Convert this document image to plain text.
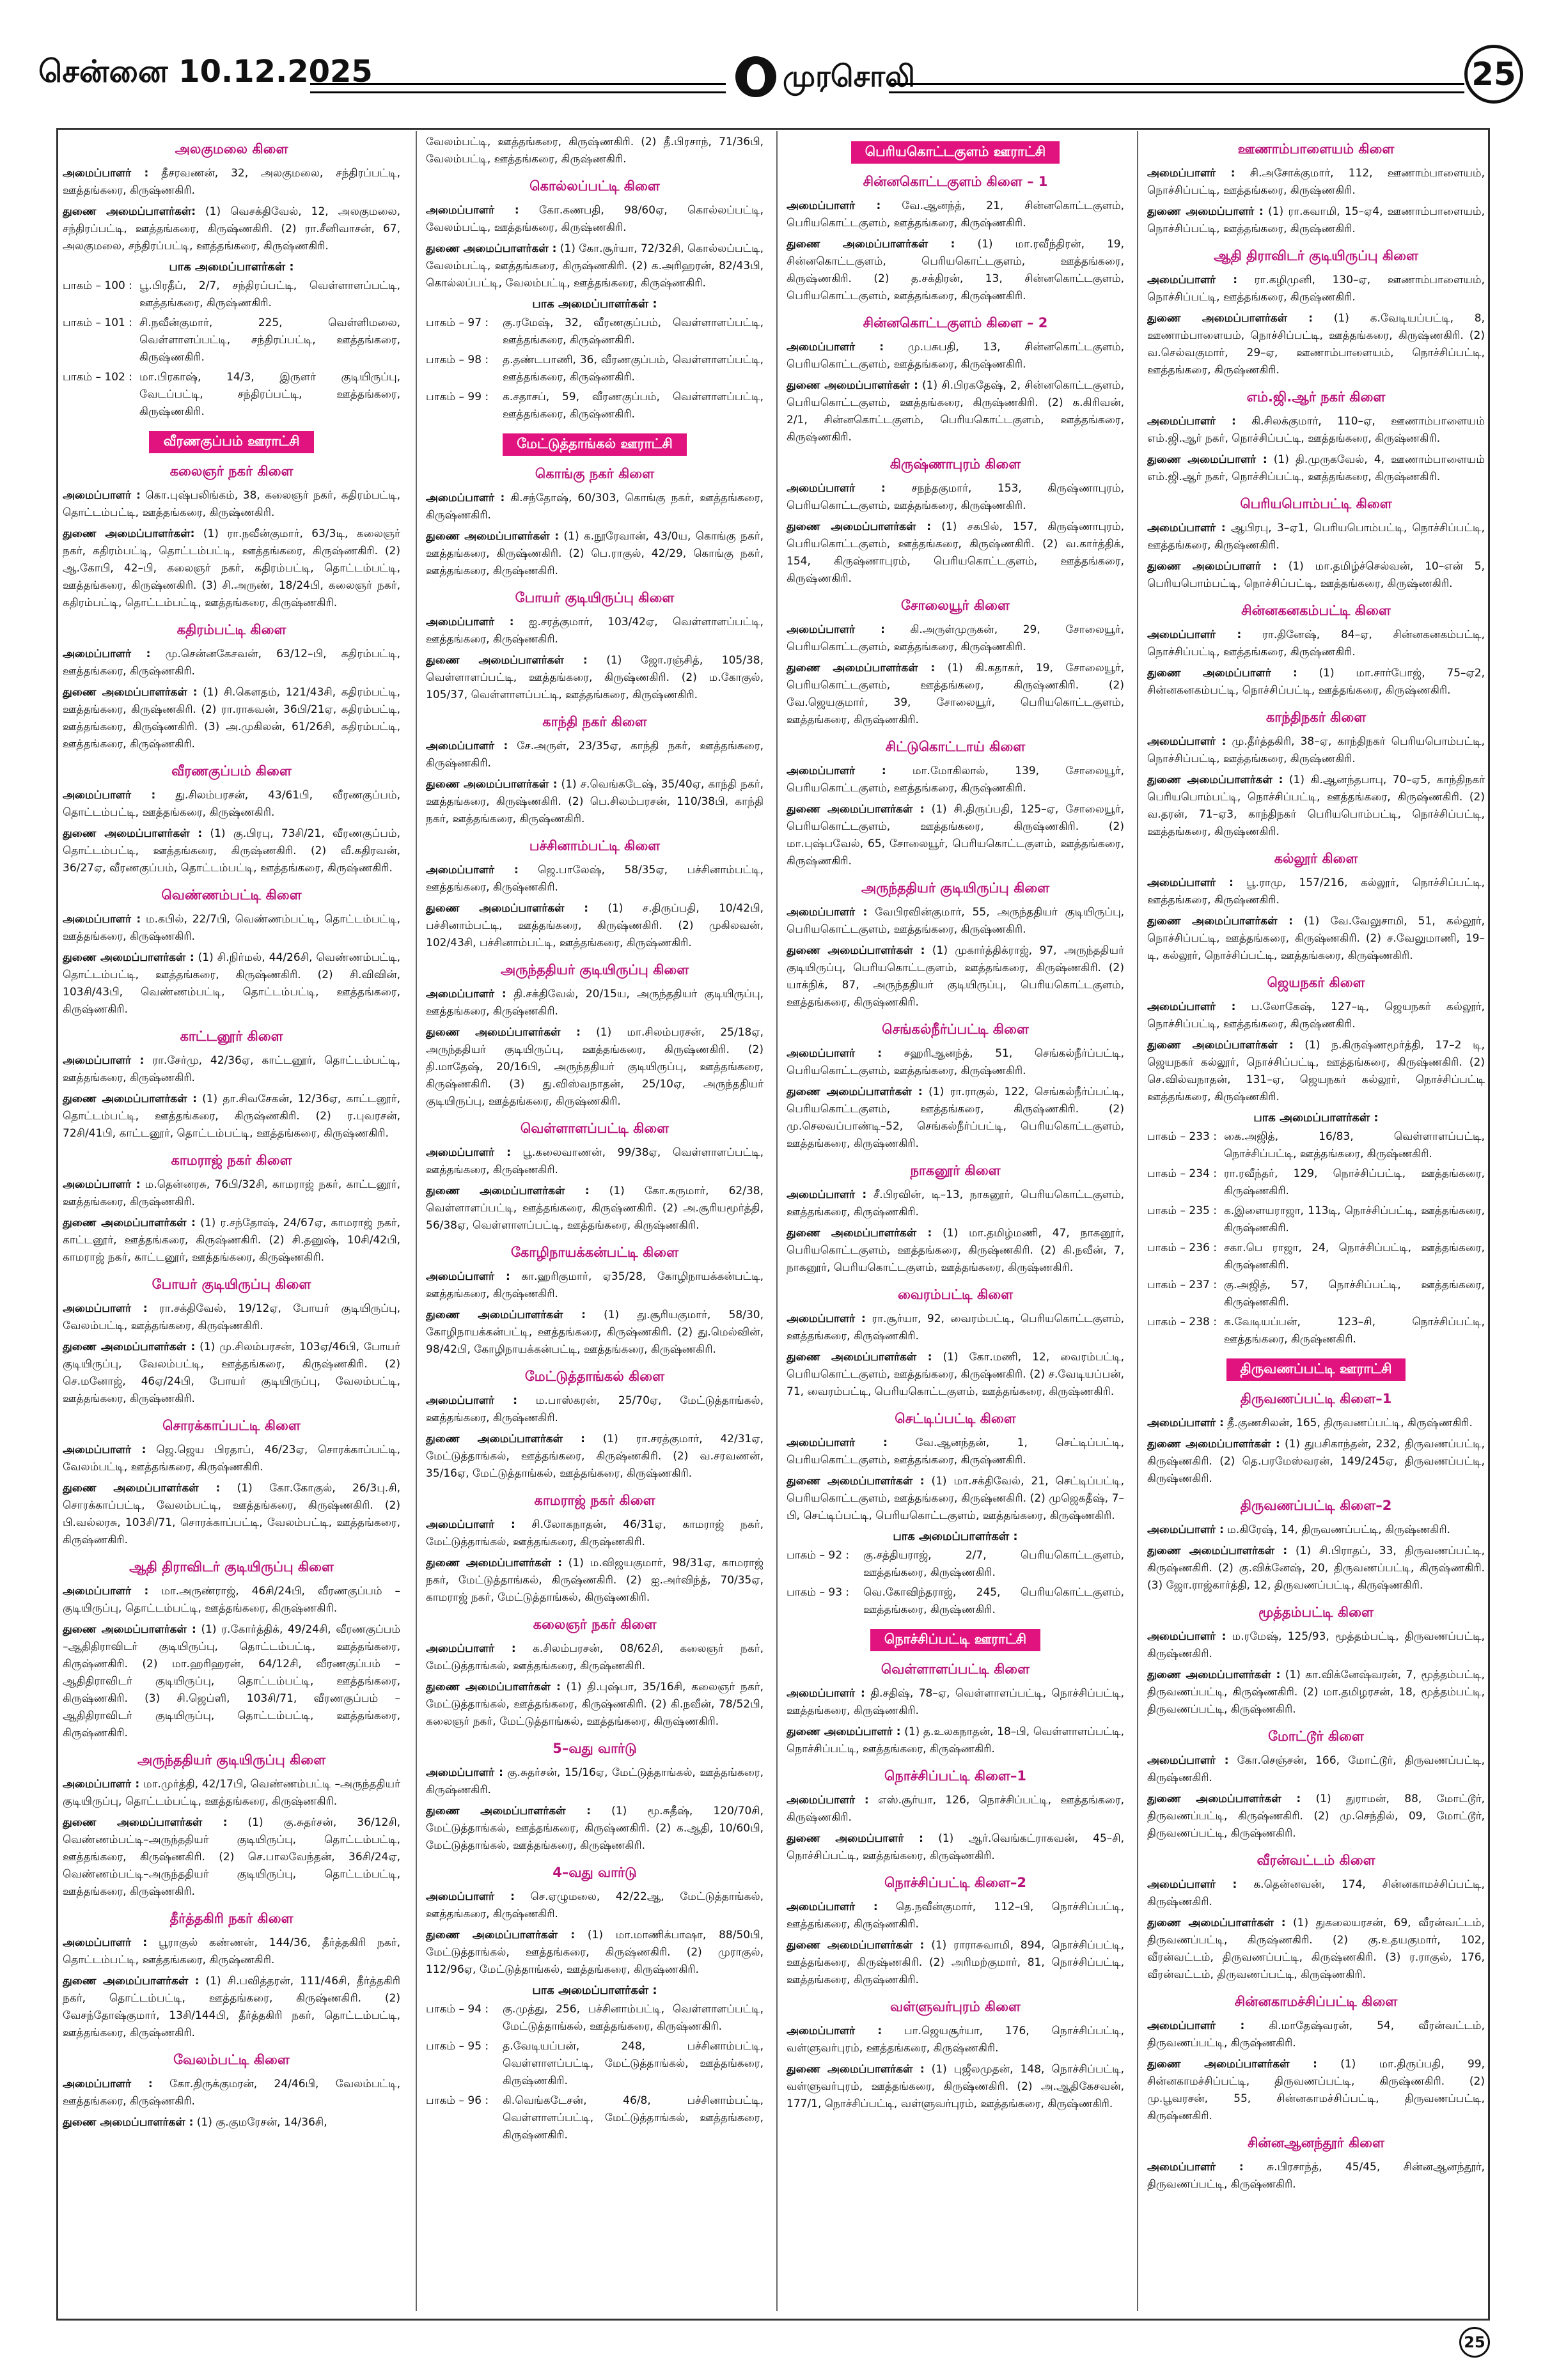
சென்னை 10.12.2025	முரசொலி	25
அலகுமலை கிளை

அமைப்பாளர் : தீசரவணன், 32, அலகுமலை, சந்திரப்பட்டி, ஊத்தங்கரை, கிருஷ்ணகிரி.

துணை அமைப்பாளர்கள்: (1) வெசக்திவேல், 12, அலகுமலை, சந்திரப்பட்டி, ஊத்தங்கரை, கிருஷ்ணகிரி. (2) ரா.சீனிவாசன், 67, அலகுமலை, சந்திரப்பட்டி, ஊத்தங்கரை, கிருஷ்ணகிரி.

பாக அமைப்பாளர்கள் :
பாகம் – 100 : பூ.பிரதீப், 2/7, சந்திரப்பட்டி, வெள்ளாளப்பட்டி, ஊத்தங்கரை, கிருஷ்ணகிரி.
பாகம் – 101 : சி.நவீன்குமார், 225, வெள்ளிமலை, வெள்ளாளப்பட்டி, சந்திரப்பட்டி, ஊத்தங்கரை, கிருஷ்ணகிரி.
பாகம் – 102 : மா.பிரகாஷ், 14/3, இருளர் குடியிருப்பு, வேடப்பட்டி, சந்திரப்பட்டி, ஊத்தங்கரை, கிருஷ்ணகிரி.
வீரணகுப்பம் ஊராட்சி
கலைஞர் நகர் கிளை

அமைப்பாளர் : கொ.புஷ்பலிங்கம், 38, கலைஞர் நகர், கதிரம்பட்டி, தொட்டம்பட்டி, ஊத்தங்கரை, கிருஷ்ணகிரி.

துணை அமைப்பாளர்கள்: (1) ரா.நவீன்குமார், 63/3டி, கலைஞர் நகர், கதிரம்பட்டி, தொட்டம்பட்டி, ஊத்தங்கரை, கிருஷ்ணகிரி. (2) ஆ.கோபி, 42–பி, கலைஞர் நகர், கதிரம்பட்டி, தொட்டம்பட்டி, ஊத்தங்கரை, கிருஷ்ணகிரி. (3) சி.அருண், 18/24பி, கலைஞர் நகர், கதிரம்பட்டி, தொட்டம்பட்டி, ஊத்தங்கரை, கிருஷ்ணகிரி.

கதிரம்பட்டி கிளை

அமைப்பாளர் : மு.சென்னகேசவன், 63/12–பி, கதிரம்பட்டி, ஊத்தங்கரை, கிருஷ்ணகிரி.

துணை அமைப்பாளர்கள் : (1) சி.கௌதம், 121/43சி, கதிரம்பட்டி, ஊத்தங்கரை, கிருஷ்ணகிரி. (2) ரா.ராகவன், 36பி/21ஏ, கதிரம்பட்டி, ஊத்தங்கரை, கிருஷ்ணகிரி. (3) அ.முகிலன், 61/26சி, கதிரம்பட்டி, ஊத்தங்கரை, கிருஷ்ணகிரி.

வீரணகுப்பம் கிளை

அமைப்பாளர் : து.சிலம்பரசன், 43/61பி, வீரணகுப்பம், தொட்டம்பட்டி, ஊத்தங்கரை, கிருஷ்ணகிரி.

துணை அமைப்பாளர்கள் : (1) கு.பிரபு, 73சி/21, வீரணகுப்பம், தொட்டம்பட்டி, ஊத்தங்கரை, கிருஷ்ணகிரி. (2) வீ.கதிரவன், 36/27ஏ, வீரணகுப்பம், தொட்டம்பட்டி, ஊத்தங்கரை, கிருஷ்ணகிரி.

வெண்ணம்பட்டி கிளை

அமைப்பாளர் : ம.கபில், 22/7பி, வெண்ணம்பட்டி, தொட்டம்பட்டி, ஊத்தங்கரை, கிருஷ்ணகிரி.

துணை அமைப்பாளர்கள் : (1) சி.நிர்மல், 44/26சி, வெண்ணம்பட்டி, தொட்டம்பட்டி, ஊத்தங்கரை, கிருஷ்ணகிரி. (2) சி.விவின், 103சி/43பி, வெண்ணம்பட்டி, தொட்டம்பட்டி, ஊத்தங்கரை, கிருஷ்ணகிரி.

காட்டனூர் கிளை

அமைப்பாளர் : ரா.சேர்மு, 42/36ஏ, காட்டனூர், தொட்டம்பட்டி, ஊத்தங்கரை, கிருஷ்ணகிரி.

துணை அமைப்பாளர்கள் : (1) தா.சிவசேகன், 12/36ஏ, காட்டனூர், தொட்டம்பட்டி, ஊத்தங்கரை, கிருஷ்ணகிரி. (2) ர.புவரசன், 72சி/41பி, காட்டனூர், தொட்டம்பட்டி, ஊத்தங்கரை, கிருஷ்ணகிரி.

காமராஜ் நகர் கிளை

அமைப்பாளர் : ம.தென்னரசு, 76பி/32சி, காமராஜ் நகர், காட்டனூர், ஊத்தங்கரை, கிருஷ்ணகிரி.

துணை அமைப்பாளர்கள் : (1) ர.சந்தோஷ், 24/67ஏ, காமராஜ் நகர், காட்டனூர், ஊத்தங்கரை, கிருஷ்ணகிரி. (2) சி.தனுஷ், 10சி/42பி, காமராஜ் நகர், காட்டனூர், ஊத்தங்கரை, கிருஷ்ணகிரி.

போயர் குடியிருப்பு கிளை

அமைப்பாளர் : ரா.சக்திவேல், 19/12ஏ, போயர் குடியிருப்பு, வேலம்பட்டி, ஊத்தங்கரை, கிருஷ்ணகிரி.

துணை அமைப்பாளர்கள் : (1) மு.சிலம்பரசன், 103ஏ/46பி, போயர் குடியிருப்பு, வேலம்பட்டி, ஊத்தங்கரை, கிருஷ்ணகிரி. (2) செ.மனோஜ், 46ஏ/24பி, போயர் குடியிருப்பு, வேலம்பட்டி, ஊத்தங்கரை, கிருஷ்ணகிரி.

சொரக்காப்பட்டி கிளை

அமைப்பாளர் : ஜெ.ஜெய பிரதாப், 46/23ஏ, சொரக்காப்பட்டி, வேலம்பட்டி, ஊத்தங்கரை, கிருஷ்ணகிரி.

துணை அமைப்பாளர்கள் : (1) கோ.கோகுல், 26/3பு.சி, சொரக்காப்பட்டி, வேலம்பட்டி, ஊத்தங்கரை, கிருஷ்ணகிரி. (2) பி.வல்லரசு, 103சி/71, சொரக்காப்பட்டி, வேலம்பட்டி, ஊத்தங்கரை, கிருஷ்ணகிரி.

ஆதி திராவிடர் குடியிருப்பு கிளை

அமைப்பாளர் : மா.அருண்ராஜ், 46சி/24பி, வீரணகுப்பம் –குடியிருப்பு, தொட்டம்பட்டி, ஊத்தங்கரை, கிருஷ்ணகிரி.

துணை அமைப்பாளர்கள் : (1) ர.கோர்த்திக், 49/24சி, வீரணகுப்பம் –ஆதிதிராவிடர் குடியிருப்பு, தொட்டம்பட்டி, ஊத்தங்கரை, கிருஷ்ணகிரி. (2) மா.ஹரிஹரன், 64/12சி, வீரணகுப்பம் –ஆதிதிராவிடர் குடியிருப்பு, தொட்டம்பட்டி, ஊத்தங்கரை, கிருஷ்ணகிரி. (3) சி.ஜெப்ளி, 103சி/71, வீரணகுப்பம் –ஆதிதிராவிடர் குடியிருப்பு, தொட்டம்பட்டி, ஊத்தங்கரை, கிருஷ்ணகிரி.

அருந்ததியர் குடியிருப்பு கிளை

அமைப்பாளர் : மா.முர்த்தி, 42/17பி, வெண்ணம்பட்டி –அருந்ததியர் குடியிருப்பு, தொட்டம்பட்டி, ஊத்தங்கரை, கிருஷ்ணகிரி.

துணை அமைப்பாளர்கள் : (1) கு.சுதர்சன், 36/12சி, வெண்ணம்பட்டி–அருந்ததியர் குடியிருப்பு, தொட்டம்பட்டி, ஊத்தங்கரை, கிருஷ்ணகிரி. (2) செ.பாலவேந்தன், 36சி/24ஏ, வெண்ணம்பட்டி–அருந்ததியர் குடியிருப்பு, தொட்டம்பட்டி, ஊத்தங்கரை, கிருஷ்ணகிரி.

தீர்த்தகிரி நகர் கிளை

அமைப்பாளர் : பூராகுல் கண்ணன், 144/36, தீர்த்தகிரி நகர், தொட்டம்பட்டி, ஊத்தங்கரை, கிருஷ்ணகிரி.

துணை அமைப்பாளர்கள் : (1) சி.பவித்தரன், 111/46சி, தீர்த்தகிரி நகர், தொட்டம்பட்டி, ஊத்தங்கரை, கிருஷ்ணகிரி. (2) வேசந்தோஷ்குமார், 13சி/144பி, தீர்த்தகிரி நகர், தொட்டம்பட்டி, ஊத்தங்கரை, கிருஷ்ணகிரி.

வேலம்பட்டி கிளை

அமைப்பாளர் : கோ.திருக்குமரன், 24/46பி, வேலம்பட்டி, ஊத்தங்கரை, கிருஷ்ணகிரி.

துணை அமைப்பாளர்கள் : (1) கு.குமரேசன், 14/36சி,

வேலம்பட்டி, ஊத்தங்கரை, கிருஷ்ணகிரி. (2) தீ.பிரசாந், 71/36பி, வேலம்பட்டி, ஊத்தங்கரை, கிருஷ்ணகிரி.

கொல்லப்பட்டி கிளை

அமைப்பாளர் : கோ.கணபதி, 98/60ஏ, கொல்லப்பட்டி, வேலம்பட்டி, ஊத்தங்கரை, கிருஷ்ணகிரி.

துணை அமைப்பாளர்கள் : (1) கோ.சூர்யா, 72/32சி, கொல்லப்பட்டி, வேலம்பட்டி, ஊத்தங்கரை, கிருஷ்ணகிரி. (2) க.அரிஹரன், 82/43பி, கொல்லப்பட்டி, வேலம்பட்டி, ஊத்தங்கரை, கிருஷ்ணகிரி.

பாக அமைப்பாளர்கள் :
பாகம் – 97 :	கு.ரமேஷ், 32, வீரணகுப்பம், வெள்ளாளப்பட்டி, ஊத்தங்கரை, கிருஷ்ணகிரி.
பாகம் – 98 :	த.தண்டபாணி, 36, வீரணகுப்பம், வெள்ளாளப்பட்டி, ஊத்தங்கரை, கிருஷ்ணகிரி.
பாகம் – 99 :	க.சதாசப், 59, வீரணகுப்பம், வெள்ளாளப்பட்டி, ஊத்தங்கரை, கிருஷ்ணகிரி.
மேட்டுத்தாங்கல் ஊராட்சி
கொங்கு நகர் கிளை

அமைப்பாளர் : கி.சந்தோஷ், 60/303, கொங்கு நகர், ஊத்தங்கரை, கிருஷ்ணகிரி.

துணை அமைப்பாளர்கள் : (1) க.நூரேவான், 43/0ய, கொங்கு நகர், ஊத்தங்கரை, கிருஷ்ணகிரி. (2) பெ.ராகுல், 42/29, கொங்கு நகர், ஊத்தங்கரை, கிருஷ்ணகிரி.

போயர் குடியிருப்பு கிளை

அமைப்பாளர் : ஐ.சரத்குமார், 103/42ஏ, வெள்ளாளப்பட்டி, ஊத்தங்கரை, கிருஷ்ணகிரி.

துணை அமைப்பாளர்கள் : (1) ஜோ.ரஞ்சித், 105/38, வெள்ளாளப்பட்டி, ஊத்தங்கரை, கிருஷ்ணகிரி. (2) ம.கோகுல், 105/37, வெள்ளாளப்பட்டி, ஊத்தங்கரை, கிருஷ்ணகிரி.

காந்தி நகர் கிளை

அமைப்பாளர் : சே.அருள், 23/35ஏ, காந்தி நகர், ஊத்தங்கரை, கிருஷ்ணகிரி.

துணை அமைப்பாளர்கள் : (1) ச.வெங்கடேஷ், 35/40ஏ, காந்தி நகர், ஊத்தங்கரை, கிருஷ்ணகிரி. (2) பெ.சிலம்பரசன், 110/38பி, காந்தி நகர், ஊத்தங்கரை, கிருஷ்ணகிரி.

பச்சினாம்பட்டி கிளை

அமைப்பாளர் : ஜெ.பாலேஷ், 58/35ஏ, பச்சினாம்பட்டி, ஊத்தங்கரை, கிருஷ்ணகிரி.

துணை அமைப்பாளர்கள் : (1) ச.திருப்பதி, 10/42பி, பச்சினாம்பட்டி, ஊத்தங்கரை, கிருஷ்ணகிரி. (2) முகிலவன், 102/43சி, பச்சினாம்பட்டி, ஊத்தங்கரை, கிருஷ்ணகிரி.

அருந்ததியர் குடியிருப்பு கிளை

அமைப்பாளர் : தி.சக்திவேல், 20/15ய, அருந்ததியர் குடியிருப்பு, ஊத்தங்கரை, கிருஷ்ணகிரி.

துணை அமைப்பாளர்கள் : (1) மா.சிலம்பரசன், 25/18ஏ, அருந்ததியர் குடியிருப்பு, ஊத்தங்கரை, கிருஷ்ணகிரி. (2) தி.மாதேஷ், 20/16பி, அருந்ததியர் குடியிருப்பு, ஊத்தங்கரை, கிருஷ்ணகிரி. (3) து.விஸ்வநாதன், 25/10ஏ, அருந்ததியர் குடியிருப்பு, ஊத்தங்கரை, கிருஷ்ணகிரி.

வெள்ளாளப்பட்டி கிளை

அமைப்பாளர் : பூ.கலைவாணன், 99/38ஏ, வெள்ளாளப்பட்டி, ஊத்தங்கரை, கிருஷ்ணகிரி.

துணை அமைப்பாளர்கள் : (1) கோ.கருமார், 62/38, வெள்ளாளப்பட்டி, ஊத்தங்கரை, கிருஷ்ணகிரி. (2) அ.சூரியமூர்த்தி, 56/38ஏ, வெள்ளாளப்பட்டி, ஊத்தங்கரை, கிருஷ்ணகிரி.

கோழிநாயக்கன்பட்டி கிளை

அமைப்பாளர் : கா.ஹரிகுமார், ஏ35/28, கோழிநாயக்கன்பட்டி, ஊத்தங்கரை, கிருஷ்ணகிரி.

துணை அமைப்பாளர்கள் : (1) து.சூரியகுமார், 58/30, கோழிநாயக்கன்பட்டி, ஊத்தங்கரை, கிருஷ்ணகிரி. (2) து.மெல்வின், 98/42பி, கோழிநாயக்கன்பட்டி, ஊத்தங்கரை, கிருஷ்ணகிரி.

மேட்டுத்தாங்கல் கிளை

அமைப்பாளர் : ம.பாஸ்கரன், 25/70ஏ, மேட்டுத்தாங்கல், ஊத்தங்கரை, கிருஷ்ணகிரி.

துணை அமைப்பாளர்கள் : (1) ரா.சரத்குமார், 42/31ஏ, மேட்டுத்தாங்கல், ஊத்தங்கரை, கிருஷ்ணகிரி. (2) வ.சரவணன், 35/16ஏ, மேட்டுத்தாங்கல், ஊத்தங்கரை, கிருஷ்ணகிரி.

காமராஜ் நகர் கிளை

அமைப்பாளர் : சி.லோகநாதன், 46/31ஏ, காமராஜ் நகர், மேட்டுத்தாங்கல், ஊத்தங்கரை, கிருஷ்ணகிரி.

துணை அமைப்பாளர்கள் : (1) ம.விஜயகுமார், 98/31ஏ, காமராஜ் நகர், மேட்டுத்தாங்கல், கிருஷ்ணகிரி. (2) ஐ.அர்விந்த், 70/35ஏ, காமராஜ் நகர், மேட்டுத்தாங்கல், கிருஷ்ணகிரி.

கலைஞர் நகர் கிளை

அமைப்பாளர் : க.சிலம்பரசன், 08/62சி, கலைஞர் நகர், மேட்டுத்தாங்கல், ஊத்தங்கரை, கிருஷ்ணகிரி.

துணை அமைப்பாளர்கள் : (1) தி.புஷ்பா, 35/16சி, கலைஞர் நகர், மேட்டுத்தாங்கல், ஊத்தங்கரை, கிருஷ்ணகிரி. (2) கி.நவீன், 78/52பி, கலைஞர் நகர், மேட்டுத்தாங்கல், ஊத்தங்கரை, கிருஷ்ணகிரி.

5–வது வார்டு

அமைப்பாளர் : கு.சுதர்சன், 15/16ஏ, மேட்டுத்தாங்கல், ஊத்தங்கரை, கிருஷ்ணகிரி.

துணை அமைப்பாளர்கள் : (1) மூ.சுதீஷ், 120/70சி, மேட்டுத்தாங்கல், ஊத்தங்கரை, கிருஷ்ணகிரி. (2) க.ஆதி, 10/60பி, மேட்டுத்தாங்கல், ஊத்தங்கரை, கிருஷ்ணகிரி.

4–வது வார்டு

அமைப்பாளர் : செ.ஏழுமலை, 42/22ஆ, மேட்டுத்தாங்கல், ஊத்தங்கரை, கிருஷ்ணகிரி.

துணை அமைப்பாளர்கள் : (1) மா.மாணிக்பாஷா, 88/50பி, மேட்டுத்தாங்கல், ஊத்தங்கரை, கிருஷ்ணகிரி. (2) முராகுல், 112/96ஏ, மேட்டுத்தாங்கல், ஊத்தங்கரை, கிருஷ்ணகிரி.

பாக அமைப்பாளர்கள் :
பாகம் – 94 :	கு.முத்து, 256, பச்சினாம்பட்டி, வெள்ளாளப்பட்டி, மேட்டுத்தாங்கல், ஊத்தங்கரை, கிருஷ்ணகிரி.
பாகம் – 95 :	த.வேடியப்பன், 248, பச்சினாம்பட்டி, வெள்ளாளப்பட்டி, மேட்டுத்தாங்கல், ஊத்தங்கரை, கிருஷ்ணகிரி.
பாகம் – 96 :	கி.வெங்கடேசன், 46/8, பச்சினாம்பட்டி, வெள்ளாளப்பட்டி, மேட்டுத்தாங்கல், ஊத்தங்கரை, கிருஷ்ணகிரி.
பெரியகொட்டகுளம் ஊராட்சி
சின்னகொட்டகுளம் கிளை – 1

அமைப்பாளர் : வே.ஆனந்த், 21, சின்னகொட்டகுளம், பெரியகொட்டகுளம், ஊத்தங்கரை, கிருஷ்ணகிரி.

துணை அமைப்பாளர்கள் : (1) மா.ரவீந்திரன், 19, சின்னகொட்டகுளம், பெரியகொட்டகுளம், ஊத்தங்கரை, கிருஷ்ணகிரி. (2) த.சக்திரன், 13, சின்னகொட்டகுளம், பெரியகொட்டகுளம், ஊத்தங்கரை, கிருஷ்ணகிரி.

சின்னகொட்டகுளம் கிளை – 2

அமைப்பாளர் : மு.பசுபதி, 13, சின்னகொட்டகுளம், பெரியகொட்டகுளம், ஊத்தங்கரை, கிருஷ்ணகிரி.

துணை அமைப்பாளர்கள் : (1) சி.பிரகதேஷ், 2, சின்னகொட்டகுளம், பெரியகொட்டகுளம், ஊத்தங்கரை, கிருஷ்ணகிரி. (2) க.கிரிவன், 2/1, சின்னகொட்டகுளம், பெரியகொட்டகுளம், ஊத்தங்கரை, கிருஷ்ணகிரி.

கிருஷ்ணாபுரம் கிளை

அமைப்பாளர் : சநந்தகுமார், 153, கிருஷ்ணாபுரம், பெரியகொட்டகுளம், ஊத்தங்கரை, கிருஷ்ணகிரி.

துணை அமைப்பாளர்கள் : (1) சகபில், 157, கிருஷ்ணாபுரம், பெரியகொட்டகுளம், ஊத்தங்கரை, கிருஷ்ணகிரி. (2) வ.கார்த்திக், 154, கிருஷ்ணாபுரம், பெரியகொட்டகுளம், ஊத்தங்கரை, கிருஷ்ணகிரி.

சோலையூர் கிளை

அமைப்பாளர் : கி.அருள்முருகன், 29, சோலையூர், பெரியகொட்டகுளம், ஊத்தங்கரை, கிருஷ்ணகிரி.

துணை அமைப்பாளர்கள் : (1) கி.கதாகர், 19, சோலையூர், பெரியகொட்டகுளம், ஊத்தங்கரை, கிருஷ்ணகிரி. (2) வே.ஜெயகுமார், 39, சோலையூர், பெரியகொட்டகுளம், ஊத்தங்கரை, கிருஷ்ணகிரி.

சிட்டுகொட்டாய் கிளை

அமைப்பாளர் : மா.மோகிலால், 139, சோலையூர், பெரியகொட்டகுளம், ஊத்தங்கரை, கிருஷ்ணகிரி.

துணை அமைப்பாளர்கள் : (1) சி.திருப்பதி, 125–ஏ, சோலையூர், பெரியகொட்டகுளம், ஊத்தங்கரை, கிருஷ்ணகிரி. (2) மா.புஷ்பவேல், 65, சோலையூர், பெரியகொட்டகுளம், ஊத்தங்கரை, கிருஷ்ணகிரி.

அருந்ததியர் குடியிருப்பு கிளை

அமைப்பாளர் : வேபிரவின்குமார், 55, அருந்ததியர் குடியிருப்பு, பெரியகொட்டகுளம், ஊத்தங்கரை, கிருஷ்ணகிரி.

துணை அமைப்பாளர்கள் : (1) முகார்த்திக்ராஜ், 97, அருந்ததியர் குடியிருப்பு, பெரியகொட்டகுளம், ஊத்தங்கரை, கிருஷ்ணகிரி. (2) யாக்நிக், 87, அருந்ததியர் குடியிருப்பு, பெரியகொட்டகுளம், ஊத்தங்கரை, கிருஷ்ணகிரி.

செங்கல்நீர்ப்பட்டி கிளை

அமைப்பாளர் : சஹரிஆனந்த், 51, செங்கல்நீர்ப்பட்டி, பெரியகொட்டகுளம், ஊத்தங்கரை, கிருஷ்ணகிரி.

துணை அமைப்பாளர்கள் : (1) ரா.ராகுல், 122, செங்கல்நீர்ப்பட்டி, பெரியகொட்டகுளம், ஊத்தங்கரை, கிருஷ்ணகிரி. (2) மு.செலவப்பாண்டி–52, செங்கல்நீர்ப்பட்டி, பெரியகொட்டகுளம், ஊத்தங்கரை, கிருஷ்ணகிரி.

நாகனூர் கிளை

அமைப்பாளர் : சீ.பிரவின், டி–13, நாகனூர், பெரியகொட்டகுளம், ஊத்தங்கரை, கிருஷ்ணகிரி.

துணை அமைப்பாளர்கள் : (1) மா.தமிழ்மணி, 47, நாகனூர், பெரியகொட்டகுளம், ஊத்தங்கரை, கிருஷ்ணகிரி. (2) கி.நவீன், 7, நாகனூர், பெரியகொட்டகுளம், ஊத்தங்கரை, கிருஷ்ணகிரி.

வைரம்பட்டி கிளை

அமைப்பாளர் : ரா.சூர்யா, 92, வைரம்பட்டி, பெரியகொட்டகுளம், ஊத்தங்கரை, கிருஷ்ணகிரி.

துணை அமைப்பாளர்கள் : (1) கோ.மணி, 12, வைரம்பட்டி, பெரியகொட்டகுளம், ஊத்தங்கரை, கிருஷ்ணகிரி. (2) ச.வேடியப்பன், 71, வைரம்பட்டி, பெரியகொட்டகுளம், ஊத்தங்கரை, கிருஷ்ணகிரி.

செட்டிப்பட்டி கிளை

அமைப்பாளர் : வே.ஆனந்தன், 1, செட்டிப்பட்டி, பெரியகொட்டகுளம், ஊத்தங்கரை, கிருஷ்ணகிரி.

துணை அமைப்பாளர்கள் : (1) மா.சக்திவேல், 21, செட்டிப்பட்டி, பெரியகொட்டகுளம், ஊத்தங்கரை, கிருஷ்ணகிரி. (2) முஜெகதீஷ், 7–பி, செட்டிப்பட்டி, பெரியகொட்டகுளம், ஊத்தங்கரை, கிருஷ்ணகிரி.

பாக அமைப்பாளர்கள் :
பாகம் – 92 :	கு.சத்தியராஜ், 2/7, பெரியகொட்டகுளம், ஊத்தங்கரை, கிருஷ்ணகிரி.
பாகம் – 93 :	வெ.கோவிந்தராஜ், 245, பெரியகொட்டகுளம், ஊத்தங்கரை, கிருஷ்ணகிரி.
நொச்சிப்பட்டி ஊராட்சி
வெள்ளாளப்பட்டி கிளை

அமைப்பாளர் : தி.சதிஷ், 78–ஏ, வெள்ளாளப்பட்டி, நொச்சிப்பட்டி, ஊத்தங்கரை, கிருஷ்ணகிரி.

துணை அமைப்பாளர் : (1) த.உலகநாதன், 18–பி, வெள்ளாளப்பட்டி, நொச்சிப்பட்டி, ஊத்தங்கரை, கிருஷ்ணகிரி.

நொச்சிப்பட்டி கிளை–1

அமைப்பாளர் : எஸ்.சூர்யா, 126, நொச்சிப்பட்டி, ஊத்தங்கரை, கிருஷ்ணகிரி.

துணை அமைப்பாளர் : (1) ஆர்.வெங்கட்ராகவன், 45–சி, நொச்சிப்பட்டி, ஊத்தங்கரை, கிருஷ்ணகிரி.

நொச்சிப்பட்டி கிளை–2

அமைப்பாளர் : தெ.நவீன்குமார், 112–பி, நொச்சிப்பட்டி, ஊத்தங்கரை, கிருஷ்ணகிரி.

துணை அமைப்பாளர்கள் : (1) ராராசுவாமி, 894, நொச்சிப்பட்டி, ஊத்தங்கரை, கிருஷ்ணகிரி. (2) அரிமற்குமார், 81, நொச்சிப்பட்டி, ஊத்தங்கரை, கிருஷ்ணகிரி.

வள்ளுவர்புரம் கிளை

அமைப்பாளர் : பா.ஜெயசூர்யா, 176, நொச்சிப்பட்டி, வள்ளுவர்புரம், ஊத்தங்கரை, கிருஷ்ணகிரி.

துணை அமைப்பாளர்கள் : (1) புஜீலமுதன், 148, நொச்சிப்பட்டி, வள்ளுவர்புரம், ஊத்தங்கரை, கிருஷ்ணகிரி. (2) அ.ஆதிகேசவன், 177/1, நொச்சிப்பட்டி, வள்ளுவர்புரம், ஊத்தங்கரை, கிருஷ்ணகிரி.

ஊணாம்பாளையம் கிளை

அமைப்பாளர் : சி.அசோக்குமார், 112, ஊணாம்பாளையம், நொச்சிப்பட்டி, ஊத்தங்கரை, கிருஷ்ணகிரி.

துணை அமைப்பாளர் : (1) ரா.கவாமி, 15–ஏ4, ஊணாம்பாளையம், நொச்சிப்பட்டி, ஊத்தங்கரை, கிருஷ்ணகிரி.

ஆதி திராவிடர் குடியிருப்பு கிளை

அமைப்பாளர் : ரா.கழிமுனி, 130–ஏ, ஊணாம்பாளையம், நொச்சிப்பட்டி, ஊத்தங்கரை, கிருஷ்ணகிரி.

துணை அமைப்பாளர்கள் : (1) க.வேடியப்பட்டி, 8, ஊணாம்பாளையம், நொச்சிப்பட்டி, ஊத்தங்கரை, கிருஷ்ணகிரி. (2) வ.செல்வகுமார், 29–ஏ, ஊணாம்பாளையம், நொச்சிப்பட்டி, ஊத்தங்கரை, கிருஷ்ணகிரி.

எம்.ஜி.ஆர் நகர் கிளை

அமைப்பாளர் : கி.சிலக்குமார், 110–ஏ, ஊணாம்பாளையம் எம்.ஜி.ஆர் நகர், நொச்சிப்பட்டி, ஊத்தங்கரை, கிருஷ்ணகிரி.

துணை அமைப்பாளர் : (1) தி.முருகவேல், 4, ஊணாம்பாளையம் எம்.ஜி.ஆர் நகர், நொச்சிப்பட்டி, ஊத்தங்கரை, கிருஷ்ணகிரி.

பெரியபொம்பட்டி கிளை

அமைப்பாளர் : ஆபிரபு, 3–ஏ1, பெரியபொம்பட்டி, நொச்சிப்பட்டி, ஊத்தங்கரை, கிருஷ்ணகிரி.

துணை அமைப்பாளர் : (1) மா.தமிழ்ச்செல்வன், 10–என் 5, பெரியபொம்பட்டி, நொச்சிப்பட்டி, ஊத்தங்கரை, கிருஷ்ணகிரி.

சின்னகனகம்பட்டி கிளை

அமைப்பாளர் : ரா.தினேஷ், 84–ஏ, சின்னகனகம்பட்டி, நொச்சிப்பட்டி, ஊத்தங்கரை, கிருஷ்ணகிரி.

துணை அமைப்பாளர் : (1) மா.சார்போஜ், 75–ஏ2, சின்னகனகம்பட்டி, நொச்சிப்பட்டி, ஊத்தங்கரை, கிருஷ்ணகிரி.

காந்திநகர் கிளை

அமைப்பாளர் : மு.தீர்த்தகிரி, 38–ஏ, காந்திநகர் பெரியபொம்பட்டி, நொச்சிப்பட்டி, ஊத்தங்கரை, கிருஷ்ணகிரி.

துணை அமைப்பாளர்கள் : (1) கி.ஆனந்தபாபு, 70–ஏ5, காந்திநகர் பெரியபொம்பட்டி, நொச்சிப்பட்டி, ஊத்தங்கரை, கிருஷ்ணகிரி. (2) வ.தரன், 71–ஏ3, காந்திநகர் பெரியபொம்பட்டி, நொச்சிப்பட்டி, ஊத்தங்கரை, கிருஷ்ணகிரி.

கல்லூர் கிளை

அமைப்பாளர் : பூ.ராமு, 157/216, கல்லூர், நொச்சிப்பட்டி, ஊத்தங்கரை, கிருஷ்ணகிரி.

துணை அமைப்பாளர்கள் : (1) வே.வேலுசாமி, 51, கல்லூர், நொச்சிப்பட்டி, ஊத்தங்கரை, கிருஷ்ணகிரி. (2) ச.வேலுமாணி, 19–டி, கல்லூர், நொச்சிப்பட்டி, ஊத்தங்கரை, கிருஷ்ணகிரி.

ஜெயநகர் கிளை

அமைப்பாளர் : ப.லோகேஷ், 127–டி, ஜெயநகர் கல்லூர், நொச்சிப்பட்டி, ஊத்தங்கரை, கிருஷ்ணகிரி.

துணை அமைப்பாளர்கள் : (1) ந.கிருஷ்ணமூர்த்தி, 17–2 டி, ஜெயநகர் கல்லூர், நொச்சிப்பட்டி, ஊத்தங்கரை, கிருஷ்ணகிரி. (2) செ.வில்வநாதன், 131–ஏ, ஜெயநகர் கல்லூர், நொச்சிப்பட்டி ஊத்தங்கரை, கிருஷ்ணகிரி.

பாக அமைப்பாளர்கள் :
பாகம் – 233 : கை.அஜித், 16/83, வெள்ளாளப்பட்டி, நொச்சிப்பட்டி, ஊத்தங்கரை, கிருஷ்ணகிரி.
பாகம் – 234 : ரா.ரவீந்தர், 129, நொச்சிப்பட்டி, ஊத்தங்கரை, கிருஷ்ணகிரி.
பாகம் – 235 : க.இளையராஜா, 113டி, நொச்சிப்பட்டி, ஊத்தங்கரை, கிருஷ்ணகிரி.
பாகம் – 236 : சகா.பெ ராஜா, 24, நொச்சிப்பட்டி, ஊத்தங்கரை, கிருஷ்ணகிரி.
பாகம் – 237 : கு.அஜித், 57, நொச்சிப்பட்டி, ஊத்தங்கரை, கிருஷ்ணகிரி.
பாகம் – 238 : க.வேடியப்பன், 123–சி, நொச்சிப்பட்டி, ஊத்தங்கரை, கிருஷ்ணகிரி.
திருவணப்பட்டி ஊராட்சி
திருவணப்பட்டி கிளை–1

அமைப்பாளர் : தீ.குணசிலன், 165, திருவணப்பட்டி, கிருஷ்ணகிரி.

துணை அமைப்பாளர்கள் : (1) துபசிகாந்தன், 232, திருவணப்பட்டி, கிருஷ்ணகிரி. (2) தெ.பரமேஸ்வரன், 149/245ஏ, திருவணப்பட்டி, கிருஷ்ணகிரி.

திருவணப்பட்டி கிளை–2

அமைப்பாளர் : ம.கிரேஷ், 14, திருவணப்பட்டி, கிருஷ்ணகிரி.

துணை அமைப்பாளர்கள் : (1) சி.பிராதப், 33, திருவணப்பட்டி, கிருஷ்ணகிரி. (2) கு.விக்னேஷ், 20, திருவணப்பட்டி, கிருஷ்ணகிரி. (3) ஜோ.ராஜ்கார்த்தி, 12, திருவணப்பட்டி, கிருஷ்ணகிரி.

மூத்தம்பட்டி கிளை

அமைப்பாளர் : ம.ரமேஷ், 125/93, மூத்தம்பட்டி, திருவணப்பட்டி, கிருஷ்ணகிரி.

துணை அமைப்பாளர்கள் : (1) கா.விக்னேஷ்வரன், 7, மூத்தம்பட்டி, திருவணப்பட்டி, கிருஷ்ணகிரி. (2) மா.தமிழரசன், 18, மூத்தம்பட்டி, திருவணப்பட்டி, கிருஷ்ணகிரி.

மோட்டூர் கிளை

அமைப்பாளர் : கோ.செஞ்சன், 166, மோட்டூர், திருவணப்பட்டி, கிருஷ்ணகிரி.

துணை அமைப்பாளர்கள் : (1) துராமன், 88, மோட்டூர், திருவணப்பட்டி, கிருஷ்ணகிரி. (2) மு.செந்தில், 09, மோட்டூர், திருவணப்பட்டி, கிருஷ்ணகிரி.

வீரன்வட்டம் கிளை

அமைப்பாளர் : க.தென்னவன், 174, சின்னகாமச்சிப்பட்டி, கிருஷ்ணகிரி.

துணை அமைப்பாளர்கள் : (1) துகலையரசன், 69, வீரன்வட்டம், திருவணப்பட்டி, கிருஷ்ணகிரி. (2) கு.உதயகுமார், 102, வீரன்வட்டம், திருவணப்பட்டி, கிருஷ்ணகிரி. (3) ர.ராகுல், 176, வீரன்வட்டம், திருவணப்பட்டி, கிருஷ்ணகிரி.

சின்னகாமச்சிப்பட்டி கிளை

அமைப்பாளர் : கி.மாதேஷ்வரன், 54, வீரன்வட்டம், திருவணப்பட்டி, கிருஷ்ணகிரி.

துணை அமைப்பாளர்கள் : (1) மா.திருப்பதி, 99, சின்னகாமச்சிப்பட்டி, திருவணப்பட்டி, கிருஷ்ணகிரி. (2) மு.பூவரசன், 55, சின்னகாமச்சிப்பட்டி, திருவணப்பட்டி, கிருஷ்ணகிரி.

சின்னஆனந்தூர் கிளை

அமைப்பாளர் : சு.பிரசாந்த், 45/45, சின்னஆனந்தூர், திருவணப்பட்டி, கிருஷ்ணகிரி.

25
